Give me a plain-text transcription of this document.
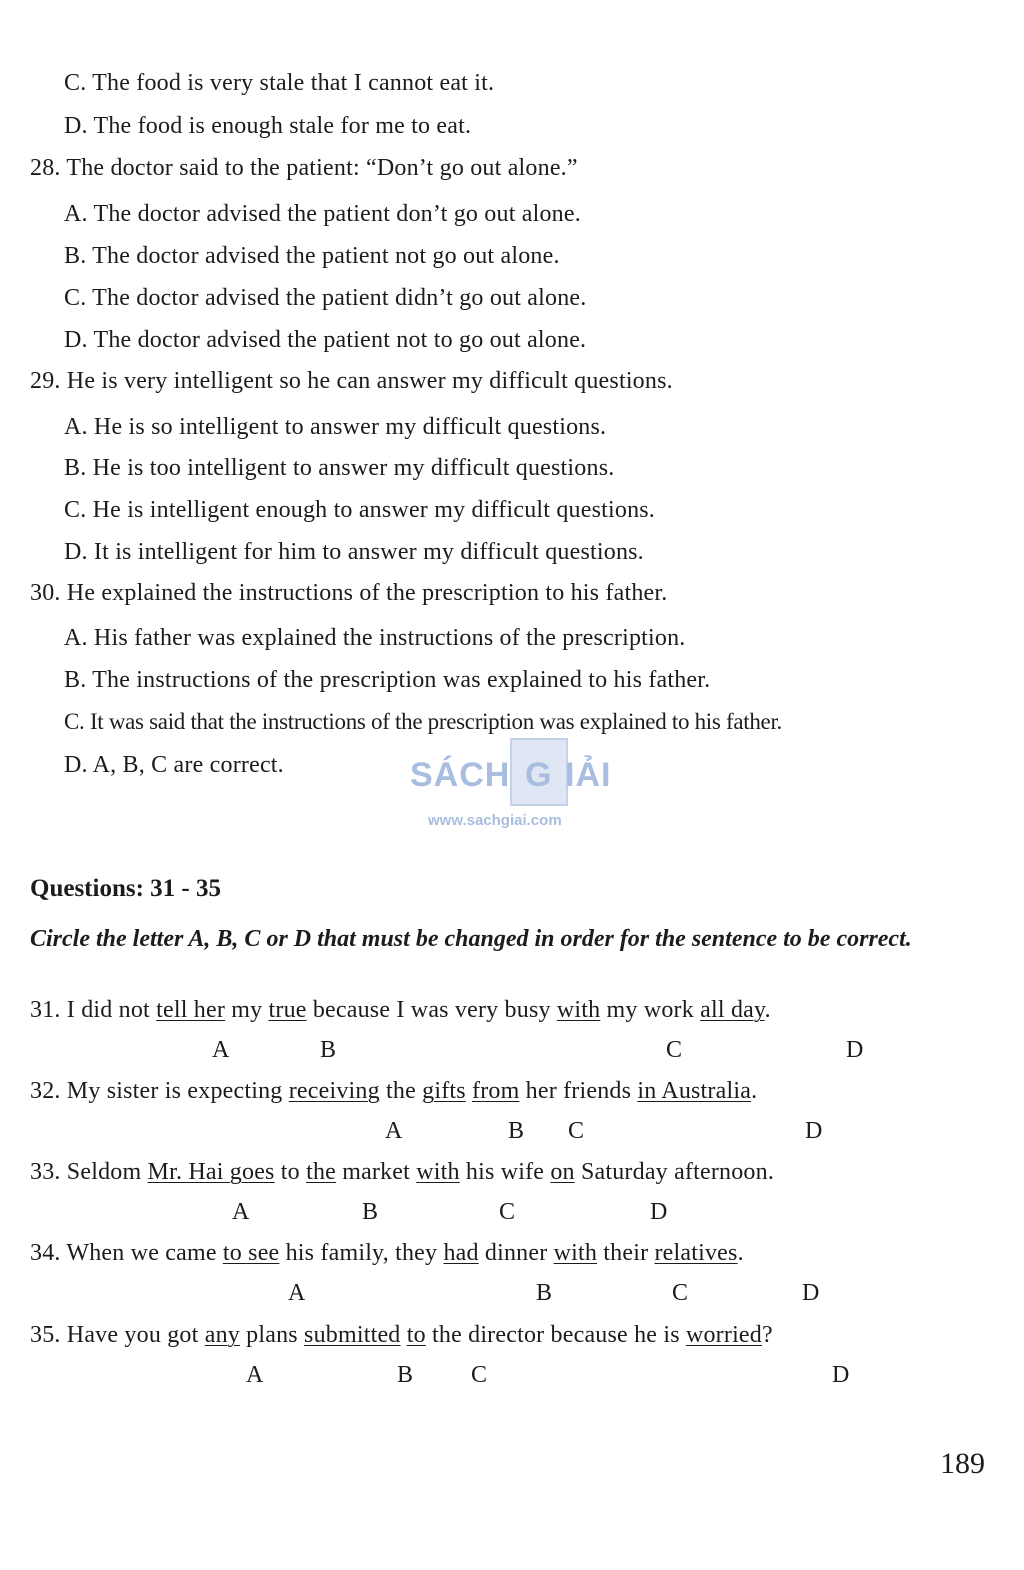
C. The food is very stale that I cannot eat it.
D. The food is enough stale for me to eat.
28. The doctor said to the patient: “Don’t go out alone.”
A. The doctor advised the patient don’t go out alone.
B. The doctor advised the patient not go out alone.
C. The doctor advised the patient didn’t go out alone.
D. The doctor advised the patient not to go out alone.
29. He is very intelligent so he can answer my difficult questions.
A. He is so intelligent to answer my difficult questions.
B. He is too intelligent to answer my difficult questions.
C. He is intelligent enough to answer my difficult questions.
D. It is intelligent for him to answer my difficult questions.
30. He explained the instructions of the prescription to his father.
A. His father was explained the instructions of the prescription.
B. The instructions of the prescription was explained to his father.
C. It was said that the instructions of the prescription was explained to his father.
D. A, B, C are correct.	SÁCH G IẢI
www.sachgiai.com
Questions: 31 - 35
Circle the letter A, B, C or D that must be changed in order for the sentence to be correct.
31. I did not tell her my true because I was very busy with my work all day.
A	B	C	D
32. My sister is expecting receiving the gifts from her friends in Australia.
A	B C	D
33. Seldom Mr. Hai goes to the market with his wife on Saturday afternoon.
A	B	C	D
34. When we came to see his family, they had dinner with their relatives.
A	B	C	D
35. Have you got any plans submitted to the director because he is worried?
A	B C	D
189
